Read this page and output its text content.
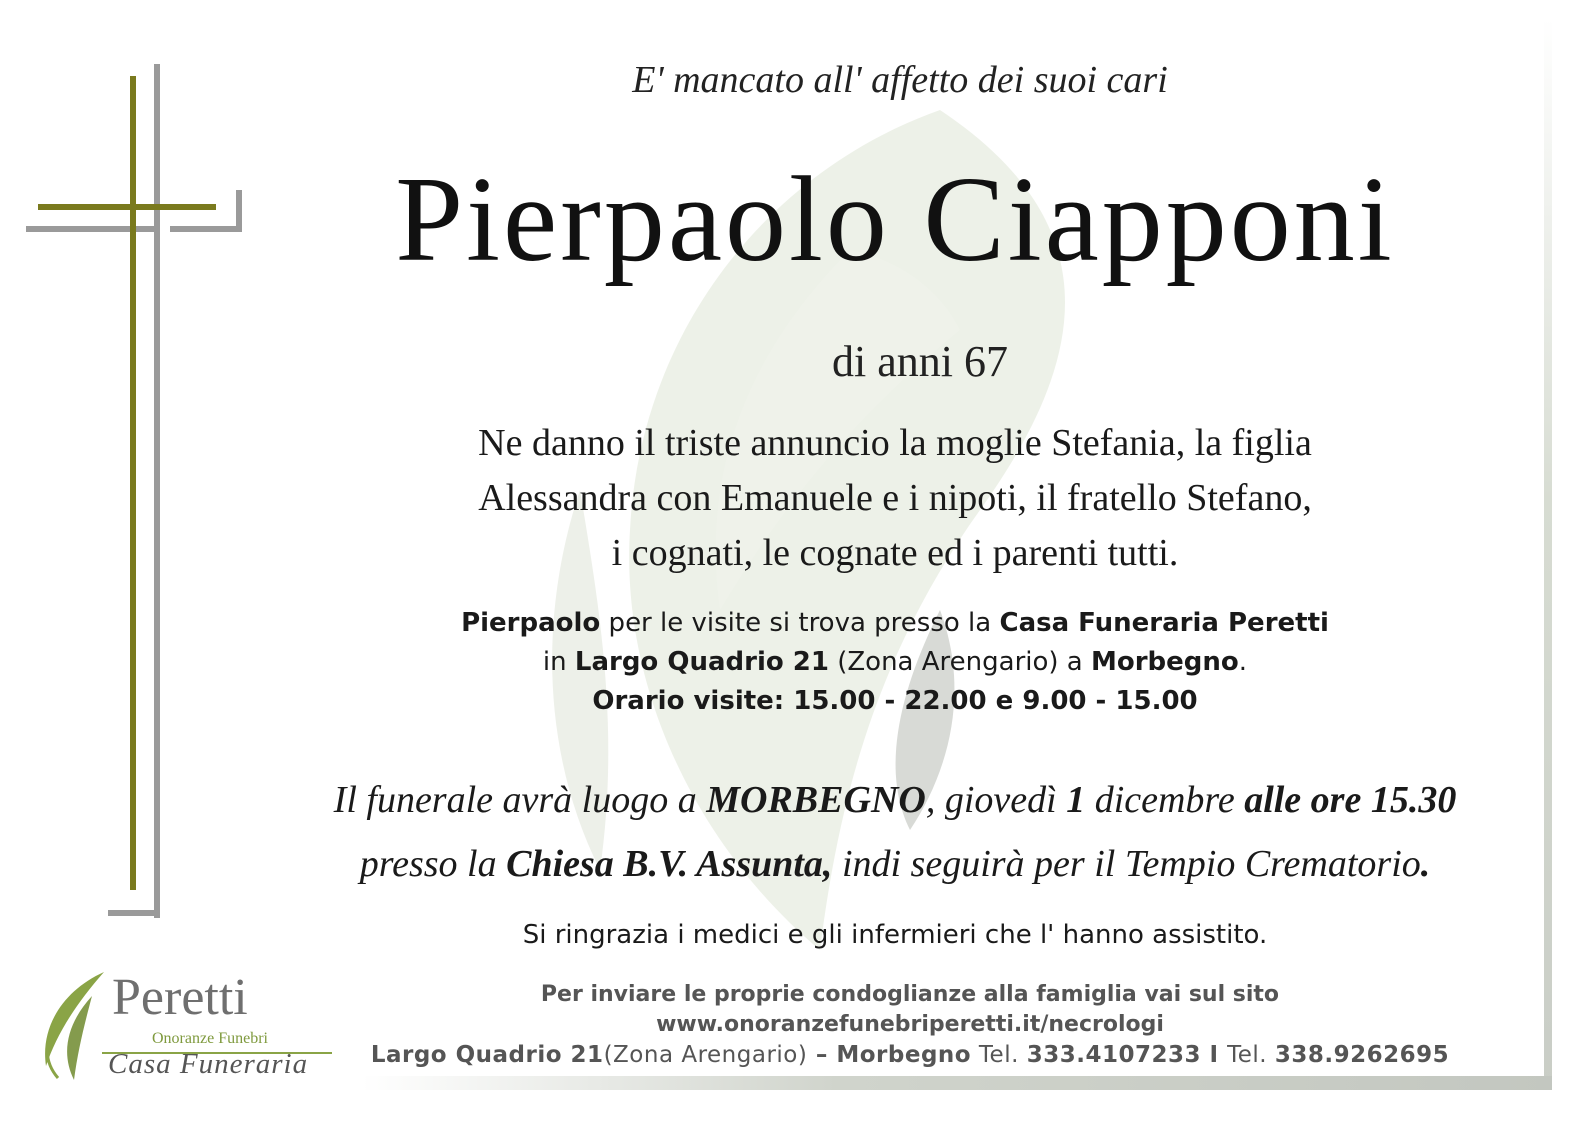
E' mancato all' affetto dei suoi cari
Pierpaolo Ciapponi
di anni 67
Ne danno il triste annuncio la moglie Stefania, la figlia
Alessandra con Emanuele e i nipoti, il fratello Stefano,
i cognati, le cognate ed i parenti tutti.
Pierpaolo per le visite si trova presso la Casa Funeraria Peretti
in Largo Quadrio 21 (Zona Arengario) a Morbegno.
Orario visite: 15.00 - 22.00 e 9.00 - 15.00
Il funerale avrà luogo a MORBEGNO, giovedì 1 dicembre alle ore 15.30
presso la Chiesa B.V. Assunta, indi seguirà per il Tempio Crematorio.
Si ringrazia i medici e gli infermieri che l' hanno assistito.
Per inviare le proprie condoglianze alla famiglia vai sul sito
www.onoranzefunebriperetti.it/necrologi
Largo Quadrio 21(Zona Arengario) – Morbegno Tel. 333.4107233 I Tel. 338.9262695
Peretti
Onoranze Funebri
Casa Funeraria
